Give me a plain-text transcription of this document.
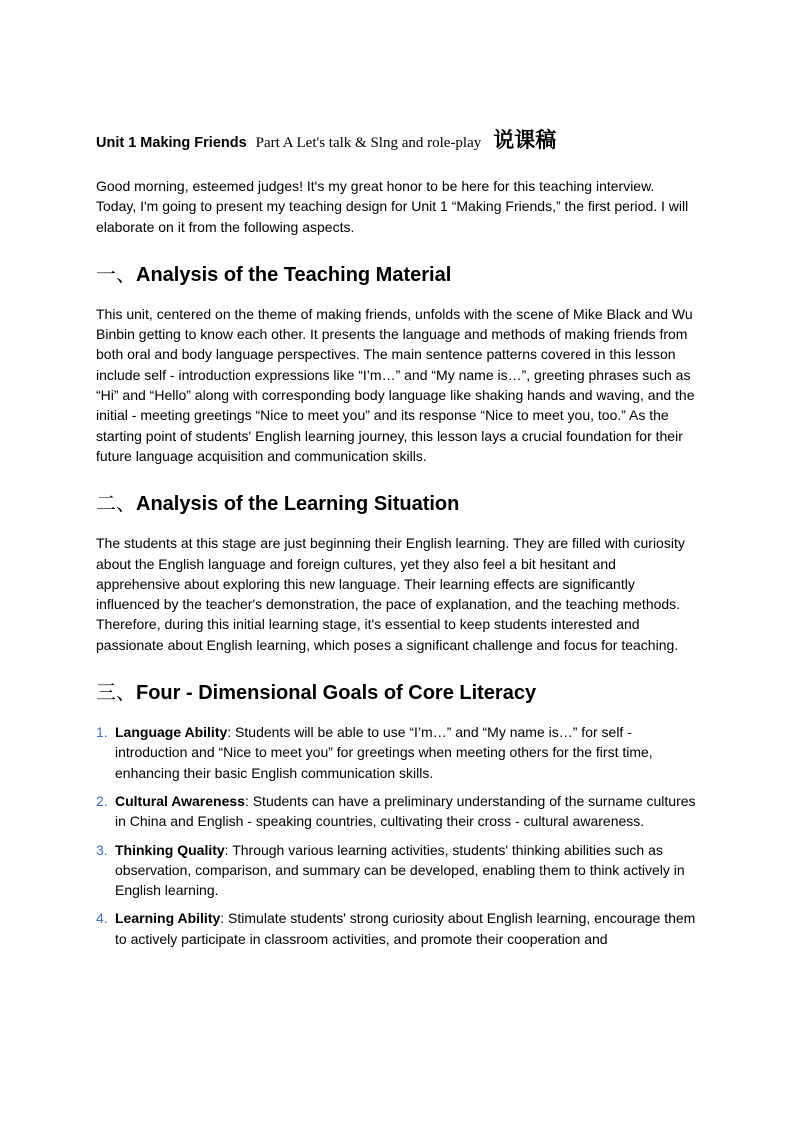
Unit 1 Making Friends Part A Let's talk & Slng and role-play 说课稿

Good morning, esteemed judges! It's my great honor to be here for this teaching interview. Today, I'm going to present my teaching design for Unit 1 “Making Friends,” the first period. I will elaborate on it from the following aspects.

一、Analysis of the Teaching Material

This unit, centered on the theme of making friends, unfolds with the scene of Mike Black and Wu Binbin getting to know each other. It presents the language and methods of making friends from both oral and body language perspectives. The main sentence patterns covered in this lesson include self - introduction expressions like “I’m…” and “My name is…”, greeting phrases such as “Hi” and “Hello” along with corresponding body language like shaking hands and waving, and the initial - meeting greetings “Nice to meet you” and its response “Nice to meet you, too.” As the starting point of students' English learning journey, this lesson lays a crucial foundation for their future language acquisition and communication skills.

二、Analysis of the Learning Situation

The students at this stage are just beginning their English learning. They are filled with curiosity about the English language and foreign cultures, yet they also feel a bit hesitant and apprehensive about exploring this new language. Their learning effects are significantly influenced by the teacher's demonstration, the pace of explanation, and the teaching methods. Therefore, during this initial learning stage, it's essential to keep students interested and passionate about English learning, which poses a significant challenge and focus for teaching.

三、Four - Dimensional Goals of Core Literacy
1. Language Ability: Students will be able to use “I’m…” and “My name is…” for self - introduction and “Nice to meet you” for greetings when meeting others for the first time, enhancing their basic English communication skills.
2. Cultural Awareness: Students can have a preliminary understanding of the surname cultures in China and English - speaking countries, cultivating their cross - cultural awareness.
3. Thinking Quality: Through various learning activities, students' thinking abilities such as observation, comparison, and summary can be developed, enabling them to think actively in English learning.
4. Learning Ability: Stimulate students' strong curiosity about English learning, encourage them to actively participate in classroom activities, and promote their cooperation and
